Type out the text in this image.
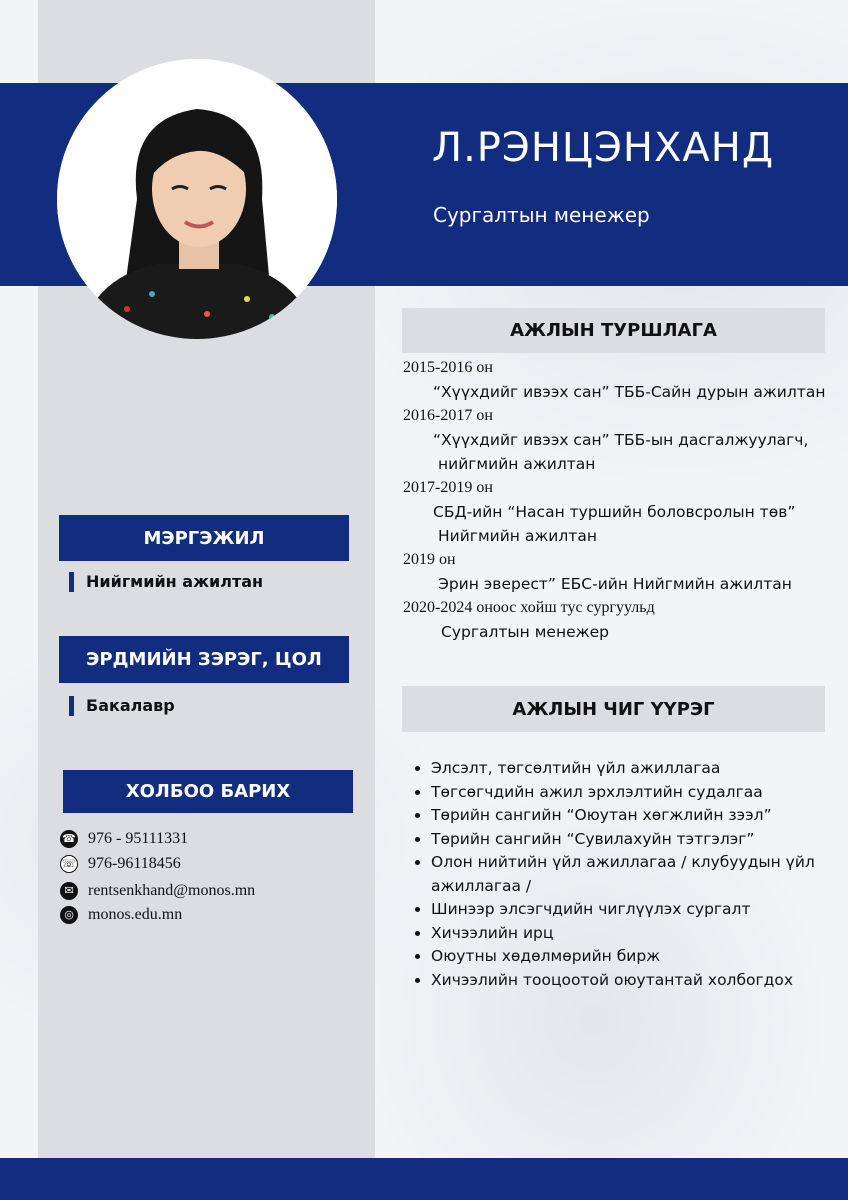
Л.РЭНЦЭНХАНД
Сургалтын менежер
МЭРГЭЖИЛ
Нийгмийн ажилтан
ЭРДМИЙН ЗЭРЭГ, ЦОЛ
Бакалавр
ХОЛБОО БАРИХ
☎ 976 - 95111331
☏ 976-96118456
✉ rentsenkhand@monos.mn
◎ monos.edu.mn
АЖЛЫН ТУРШЛАГА
2015-2016 он
“Хүүхдийг ивээх сан” ТББ-Сайн дурын ажилтан
2016-2017 он
“Хүүхдийг ивээх сан” ТББ-ын дасгалжуулагч,
нийгмийн ажилтан
2017-2019 он
СБД-ийн “Насан туршийн боловсролын төв”
Нийгмийн ажилтан
2019 он
Эрин эверест” ЕБС-ийн Нийгмийн ажилтан
2020-2024 оноос хойш тус сургуульд
Сургалтын менежер
АЖЛЫН ЧИГ ҮҮРЭГ
• Элсэлт, төгсөлтийн үйл ажиллагаа
• Төгсөгчдийн ажил эрхлэлтийн судалгаа
• Төрийн сангийн “Оюутан хөгжлийн зээл”
• Төрийн сангийн “Сувилахуйн тэтгэлэг”
• Олон нийтийн үйл ажиллагаа / клубуудын үйл ажиллагаа /
• Шинээр элсэгчдийн чиглүүлэх сургалт
• Хичээлийн ирц
• Оюутны хөдөлмөрийн бирж
• Хичээлийн тооцоотой оюутантай холбогдох
